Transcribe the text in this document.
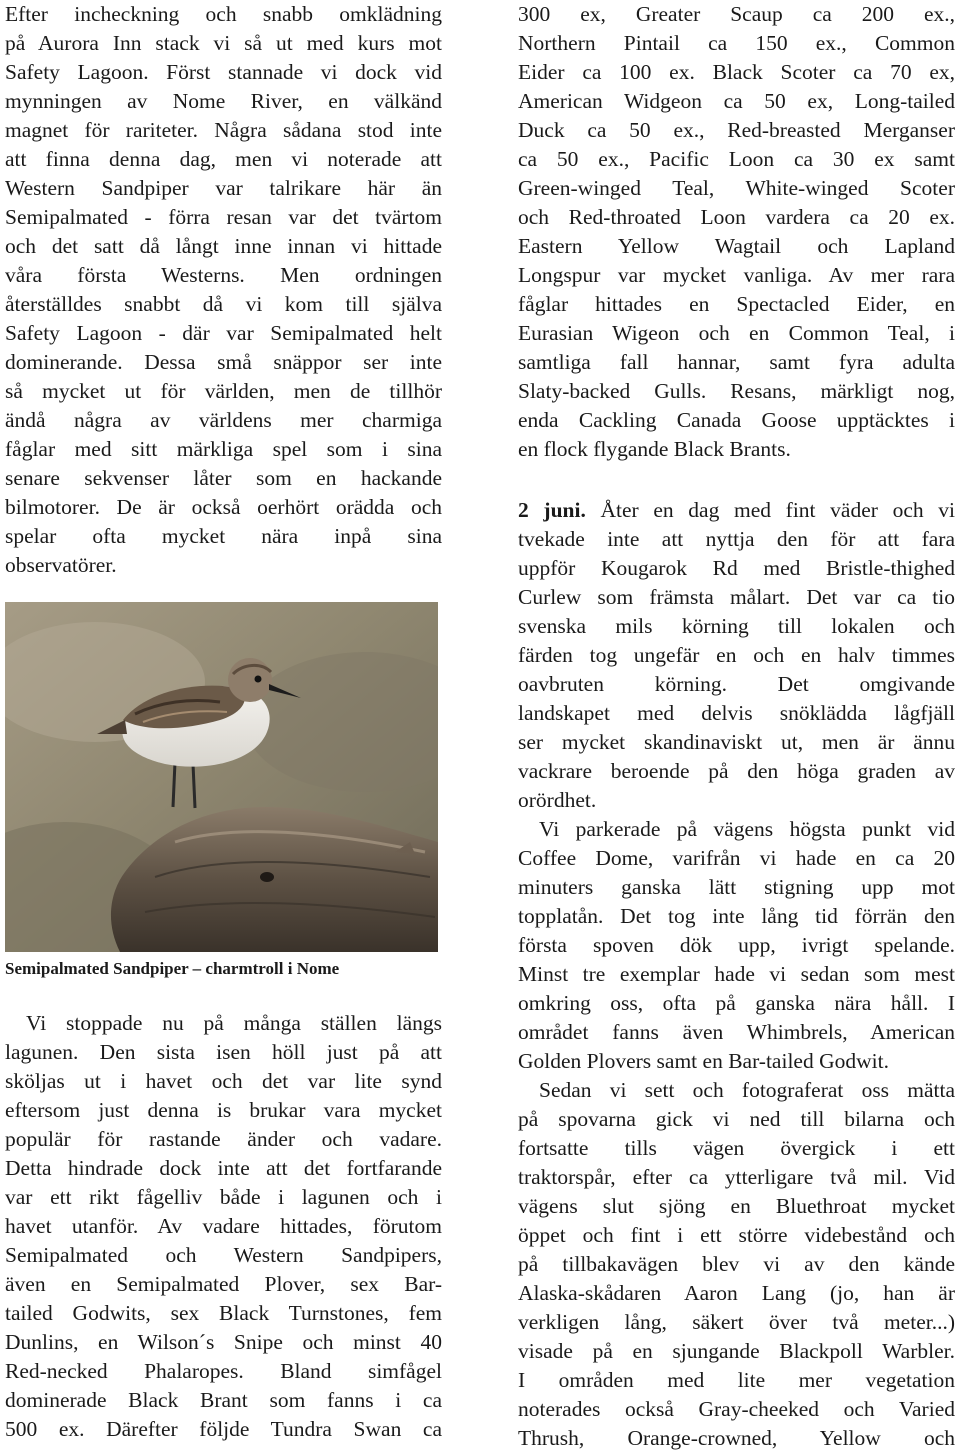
Efter incheckning och snabb omklädning

på Aurora Inn stack vi så ut med kurs mot

Safety Lagoon. Först stannade vi dock vid

mynningen av Nome River, en välkänd

magnet för rariteter. Några sådana stod inte

att finna denna dag, men vi noterade att

Western Sandpiper var talrikare här än

Semipalmated - förra resan var det tvärtom

och det satt då långt inne innan vi hittade

våra första Westerns. Men ordningen

återställdes snabbt då vi kom till själva

Safety Lagoon - där var Semipalmated helt

dominerande. Dessa små snäppor ser inte

så mycket ut för världen, men de tillhör

ändå några av världens mer charmiga

fåglar med sitt märkliga spel som i sina

senare sekvenser låter som en hackande

bilmotorer. De är också oerhört orädda och

spelar ofta mycket nära inpå sina

observatörer.

Semipalmated Sandpiper – charmtroll i Nome

Vi stoppade nu på många ställen längs

lagunen. Den sista isen höll just på att

sköljas ut i havet och det var lite synd

eftersom just denna is brukar vara mycket

populär för rastande änder och vadare.

Detta hindrade dock inte att det fortfarande

var ett rikt fågelliv både i lagunen och i

havet utanför. Av vadare hittades, förutom

Semipalmated och Western Sandpipers,

även en Semipalmated Plover, sex Bar-

tailed Godwits, sex Black Turnstones, fem

Dunlins, en Wilson´s Snipe och minst 40

Red-necked Phalaropes. Bland simfågel

dominerade Black Brant som fanns i ca

500 ex. Därefter följde Tundra Swan ca

300 ex, Greater Scaup ca 200 ex.,

Northern Pintail ca 150 ex., Common

Eider ca 100 ex. Black Scoter ca 70 ex,

American Widgeon ca 50 ex, Long-tailed

Duck ca 50 ex., Red-breasted Merganser

ca 50 ex., Pacific Loon ca 30 ex samt

Green-winged Teal, White-winged Scoter

och Red-throated Loon vardera ca 20 ex.

Eastern Yellow Wagtail och Lapland

Longspur var mycket vanliga. Av mer rara

fåglar hittades en Spectacled Eider, en

Eurasian Wigeon och en Common Teal, i

samtliga fall hannar, samt fyra adulta

Slaty-backed Gulls. Resans, märkligt nog,

enda Cackling Canada Goose upptäcktes i

en flock flygande Black Brants.

2 juni. Åter en dag med fint väder och vi

tvekade inte att nyttja den för att fara

uppför Kougarok Rd med Bristle-thighed

Curlew som främsta målart. Det var ca tio

svenska mils körning till lokalen och

färden tog ungefär en och en halv timmes

oavbruten körning. Det omgivande

landskapet med delvis snöklädda lågfjäll

ser mycket skandinaviskt ut, men är ännu

vackrare beroende på den höga graden av

orördhet.

Vi parkerade på vägens högsta punkt vid

Coffee Dome, varifrån vi hade en ca 20

minuters ganska lätt stigning upp mot

topplatån. Det tog inte lång tid förrän den

första spoven dök upp, ivrigt spelande.

Minst tre exemplar hade vi sedan som mest

omkring oss, ofta på ganska nära håll. I

området fanns även Whimbrels, American

Golden Plovers samt en Bar-tailed Godwit.

Sedan vi sett och fotograferat oss mätta

på spovarna gick vi ned till bilarna och

fortsatte tills vägen övergick i ett

traktorspår, efter ca ytterligare två mil. Vid

vägens slut sjöng en Bluethroat mycket

öppet och fint i ett större videbestånd och

på tillbakavägen blev vi av den kände

Alaska-skådaren Aaron Lang (jo, han är

verkligen lång, säkert över två meter...)

visade på en sjungande Blackpoll Warbler.

I områden med lite mer vegetation

noterades också Gray-cheeked och Varied

Thrush, Orange-crowned, Yellow och
